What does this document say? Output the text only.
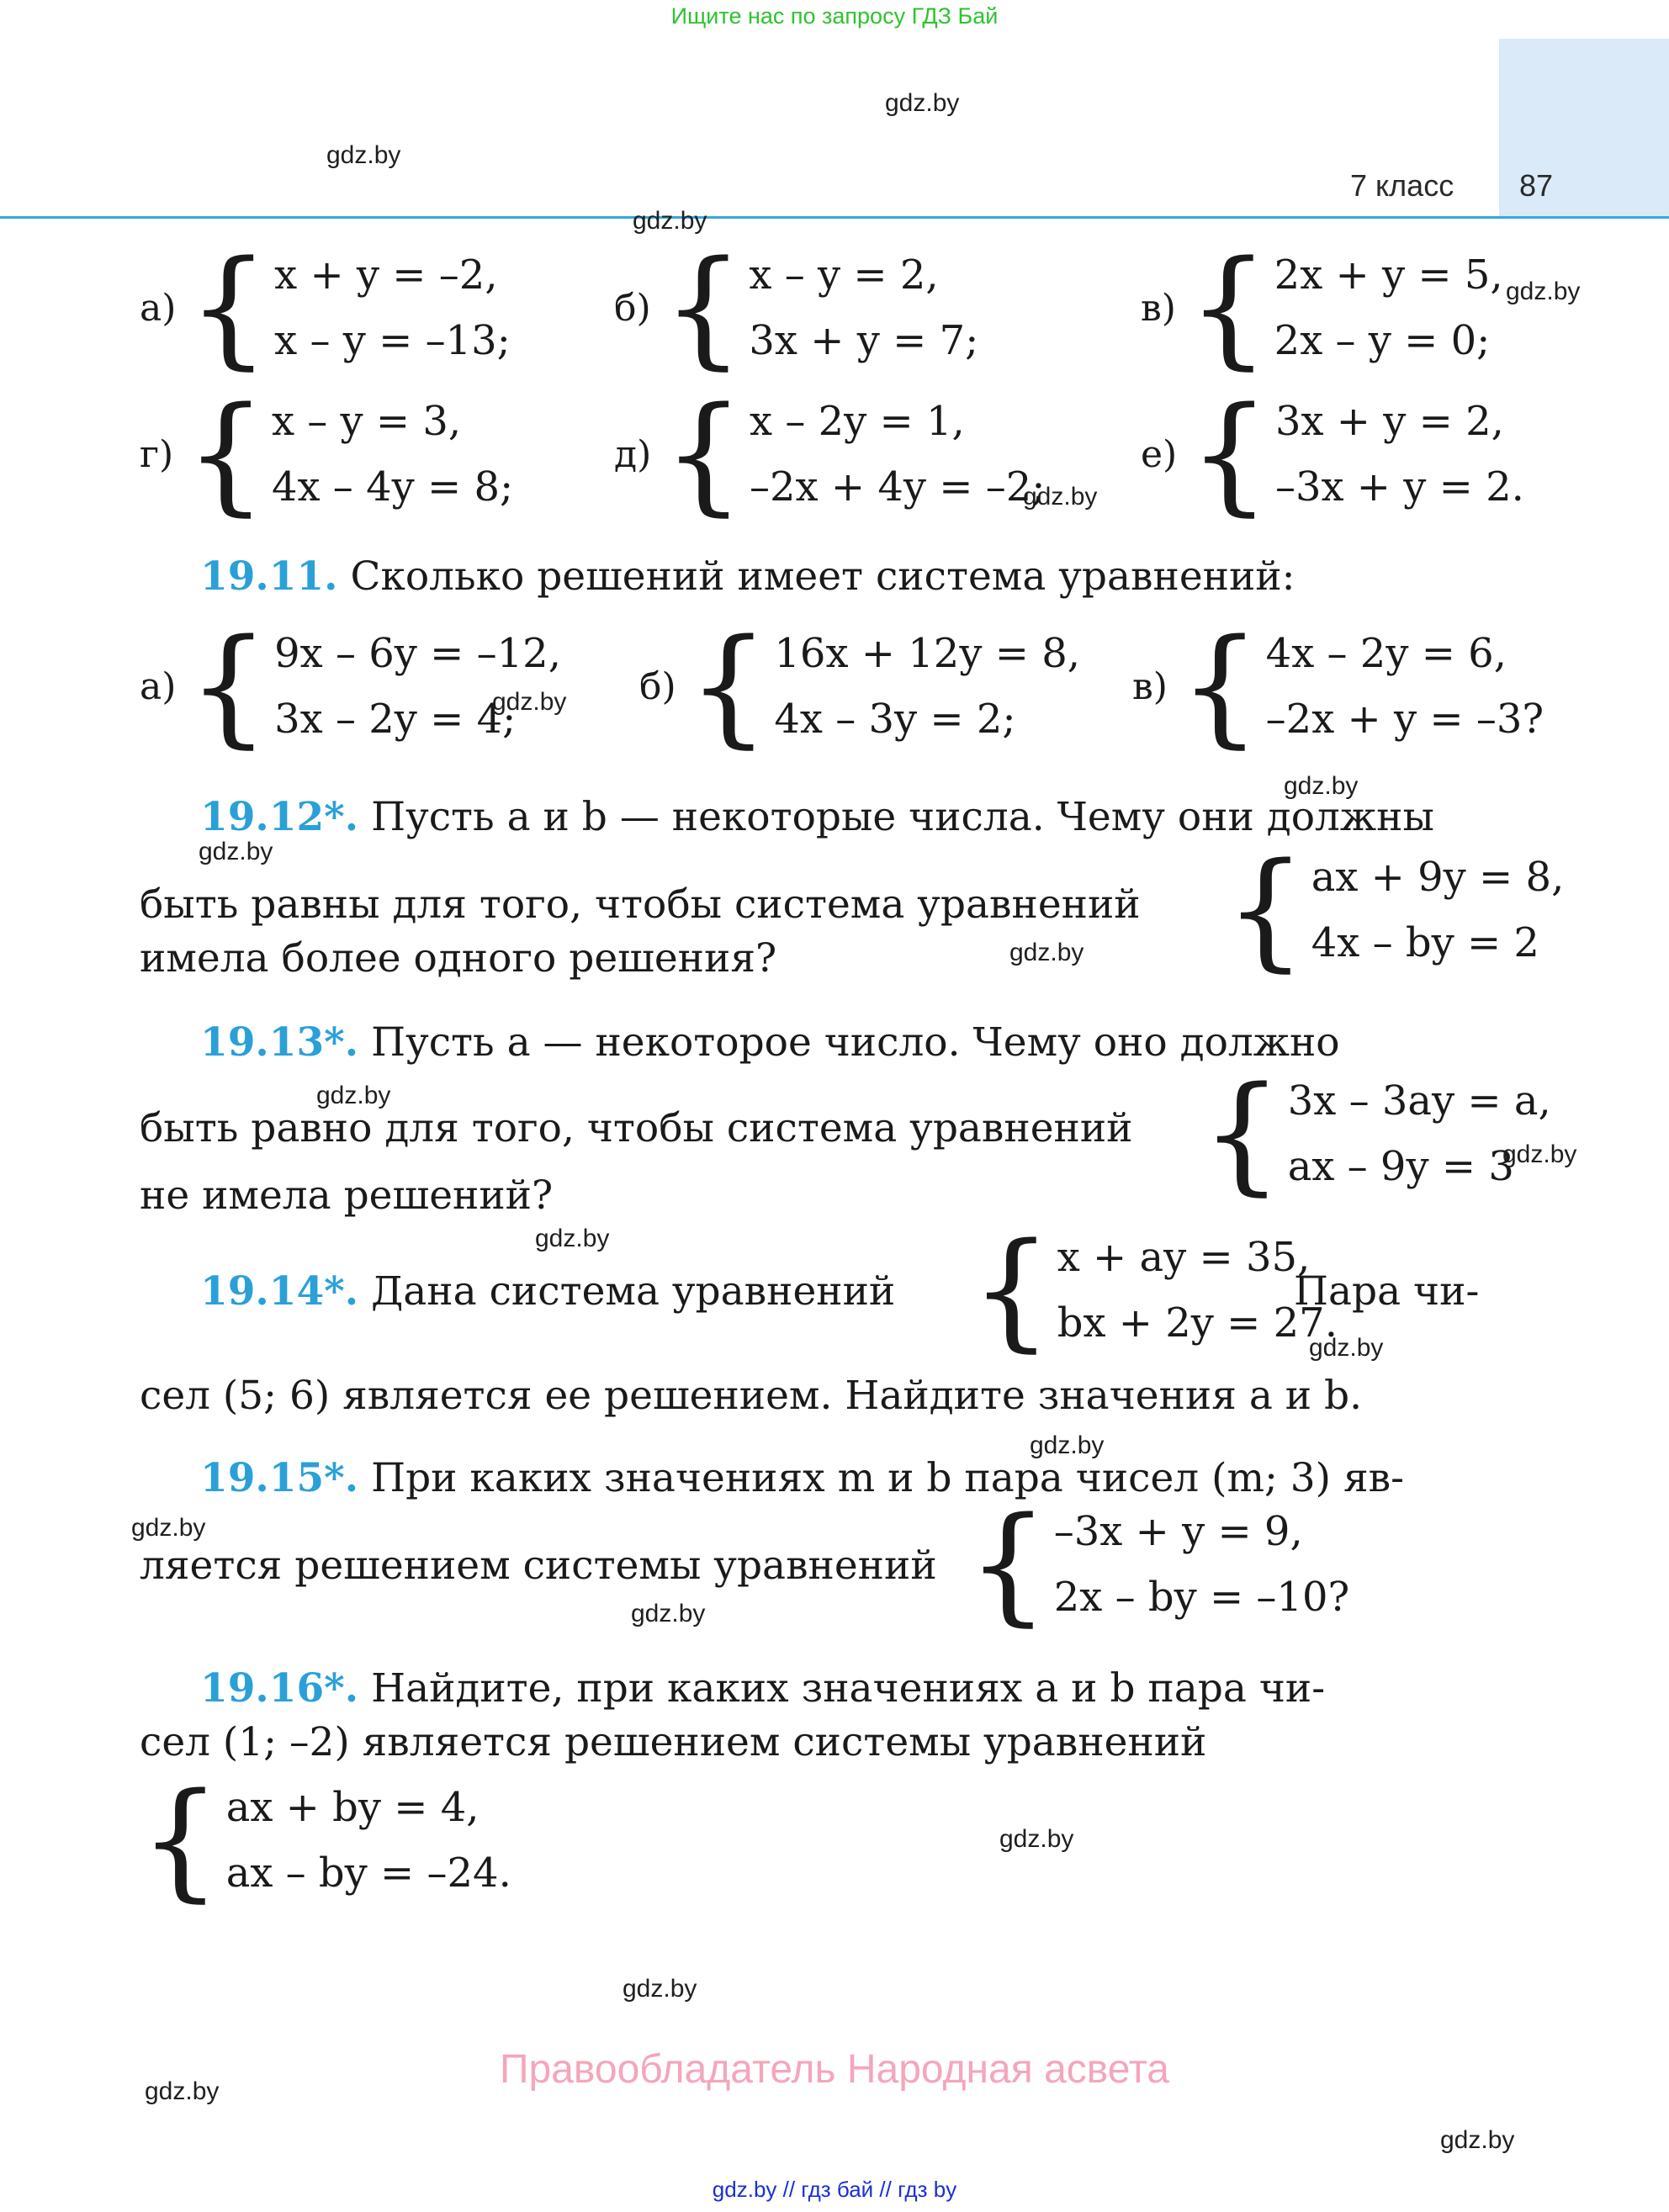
Ищите нас по запросу ГДЗ Бай
7 класс 87
gdz.by
gdz.by
gdz.by
gdz.by
gdz.by
gdz.by
gdz.by
gdz.by
gdz.by
gdz.by
gdz.by
gdz.by
gdz.by
gdz.by
gdz.by
gdz.by
gdz.by
gdz.by
gdz.by
gdz.by
а) { x + y = –2,
x – y = –13;
б) { x – y = 2,
3x + y = 7;
в) { 2x + y = 5,
2x – y = 0;
г) { x – y = 3,
4x – 4y = 8;
д) { x – 2y = 1,
–2x + 4y = –2;
е) { 3x + y = 2,
–3x + y = 2.
19.11. Сколько решений имеет система уравнений:
а) { 9x – 6y = –12,
3x – 2y = 4;
б) { 16x + 12y = 8,
4x – 3y = 2;
в) { 4x – 2y = 6,
–2x + y = –3?
19.12*. Пусть a и b — некоторые числа. Чему они должны
быть равны для того, чтобы система уравнений
имела более одного решения?	{ ax + 9y = 8,
4x – by = 2
19.13*. Пусть a — некоторое число. Чему оно должно
быть равно для того, чтобы система уравнений
не имела решений?	{ 3x – 3ay = a,
ax – 9y = 3
19.14*. Дана система уравнений { x + ay = 35,
bx + 2y = 27.
Пара чи-
сел (5; 6) является ее решением. Найдите значения a и b.
19.15*. При каких значениях m и b пара чисел (m; 3) яв-
ляется решением системы уравнений { –3x + y = 9,
2x – by = –10?
19.16*. Найдите, при каких значениях a и b пара чи-
сел (1; –2) является решением системы уравнений
{ ax + by = 4,
ax – by = –24.
Правообладатель Народная асвета
gdz.by // гдз бай // гдз by
